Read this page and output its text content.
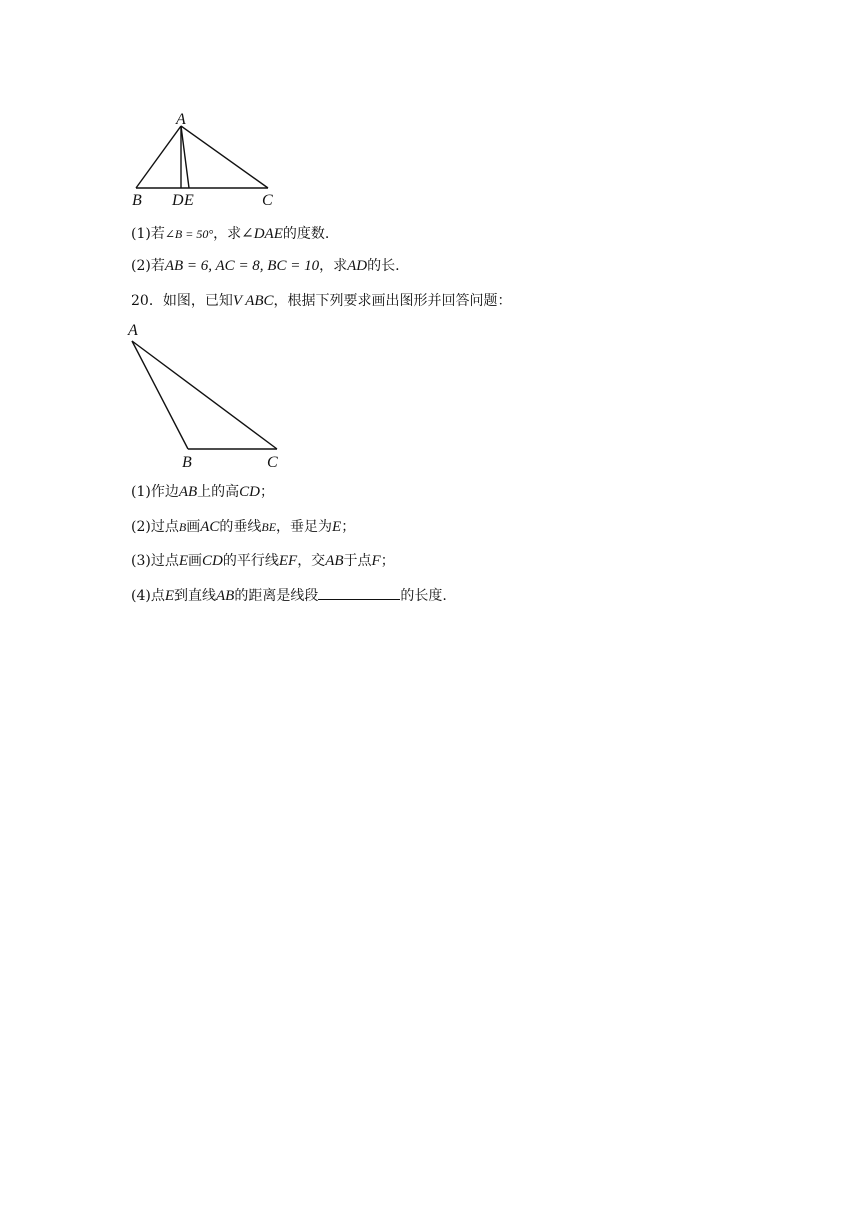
A
B D E	C
(1)若∠B = 50°，求∠DAE的度数.
(2)若AB = 6, AC = 8, BC = 10，求AD的长.
20．如图，已知V ABC，根据下列要求画出图形并回答问题：
A
B	C
(1)作边AB上的高CD；
(2)过点B画AC的垂线BE，垂足为E；
(3)过点E画CD的平行线EF，交AB于点F；
(4)点E到直线AB的距离是线段	的长度.
